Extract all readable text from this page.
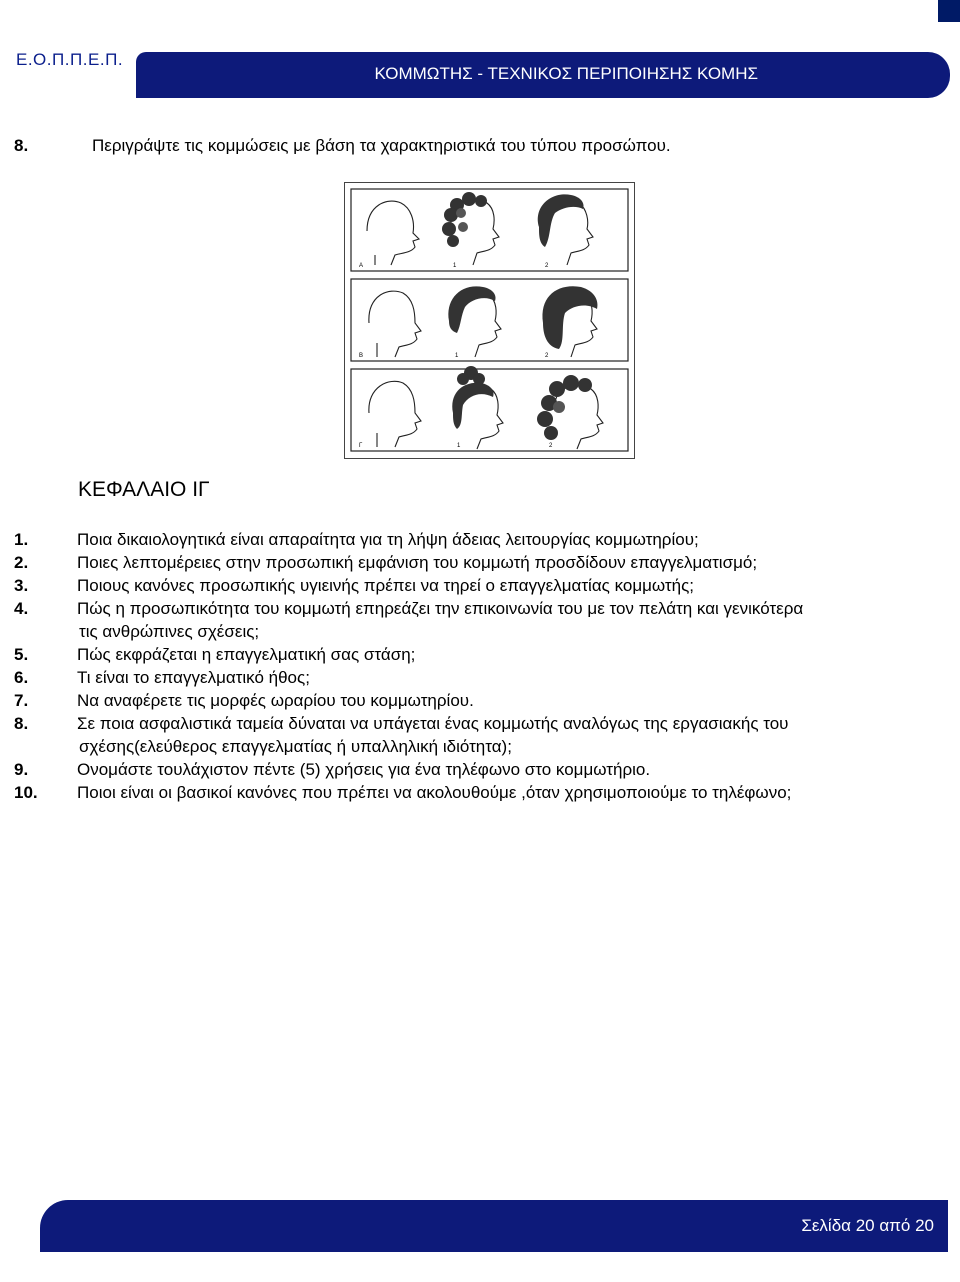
Ε.Ο.Π.Π.Ε.Π.
ΚΟΜΜΩΤΗΣ - ΤΕΧΝΙΚΟΣ ΠΕΡΙΠΟΙΗΣΗΣ ΚΟΜΗΣ
8.	Περιγράψτε τις κομμώσεις με βάση τα χαρακτηριστικά του τύπου προσώπου.
Α	1	2
Β	1	2
Γ	1	2
ΚΕΦΑΛΑΙΟ ΙΓ
1.	Ποια δικαιολογητικά είναι απαραίτητα για τη λήψη άδειας λειτουργίας κομμωτηρίου;
2.	Ποιες λεπτομέρειες στην προσωπική εμφάνιση του κομμωτή προσδίδουν επαγγελματισμό;
3.	Ποιους κανόνες προσωπικής υγιεινής πρέπει να τηρεί ο επαγγελματίας κομμωτής;
4.	Πώς η προσωπικότητα του κομμωτή επηρεάζει την επικοινωνία του με τον πελάτη και γενικότερα
τις ανθρώπινες σχέσεις;
5.	Πώς εκφράζεται η επαγγελματική σας στάση;
6.	Τι είναι το επαγγελματικό ήθος;
7.	Να αναφέρετε τις μορφές ωραρίου του κομμωτηρίου.
8.	Σε ποια ασφαλιστικά ταμεία δύναται να υπάγεται ένας κομμωτής αναλόγως της εργασιακής του
σχέσης(ελεύθερος επαγγελματίας ή υπαλληλική ιδιότητα);
9.	Ονομάστε τουλάχιστον πέντε (5) χρήσεις για ένα τηλέφωνο στο κομμωτήριο.
10. Ποιοι είναι οι βασικοί κανόνες που πρέπει να ακολουθούμε ,όταν χρησιμοποιούμε το τηλέφωνο;
Σελίδα 20 από 20
